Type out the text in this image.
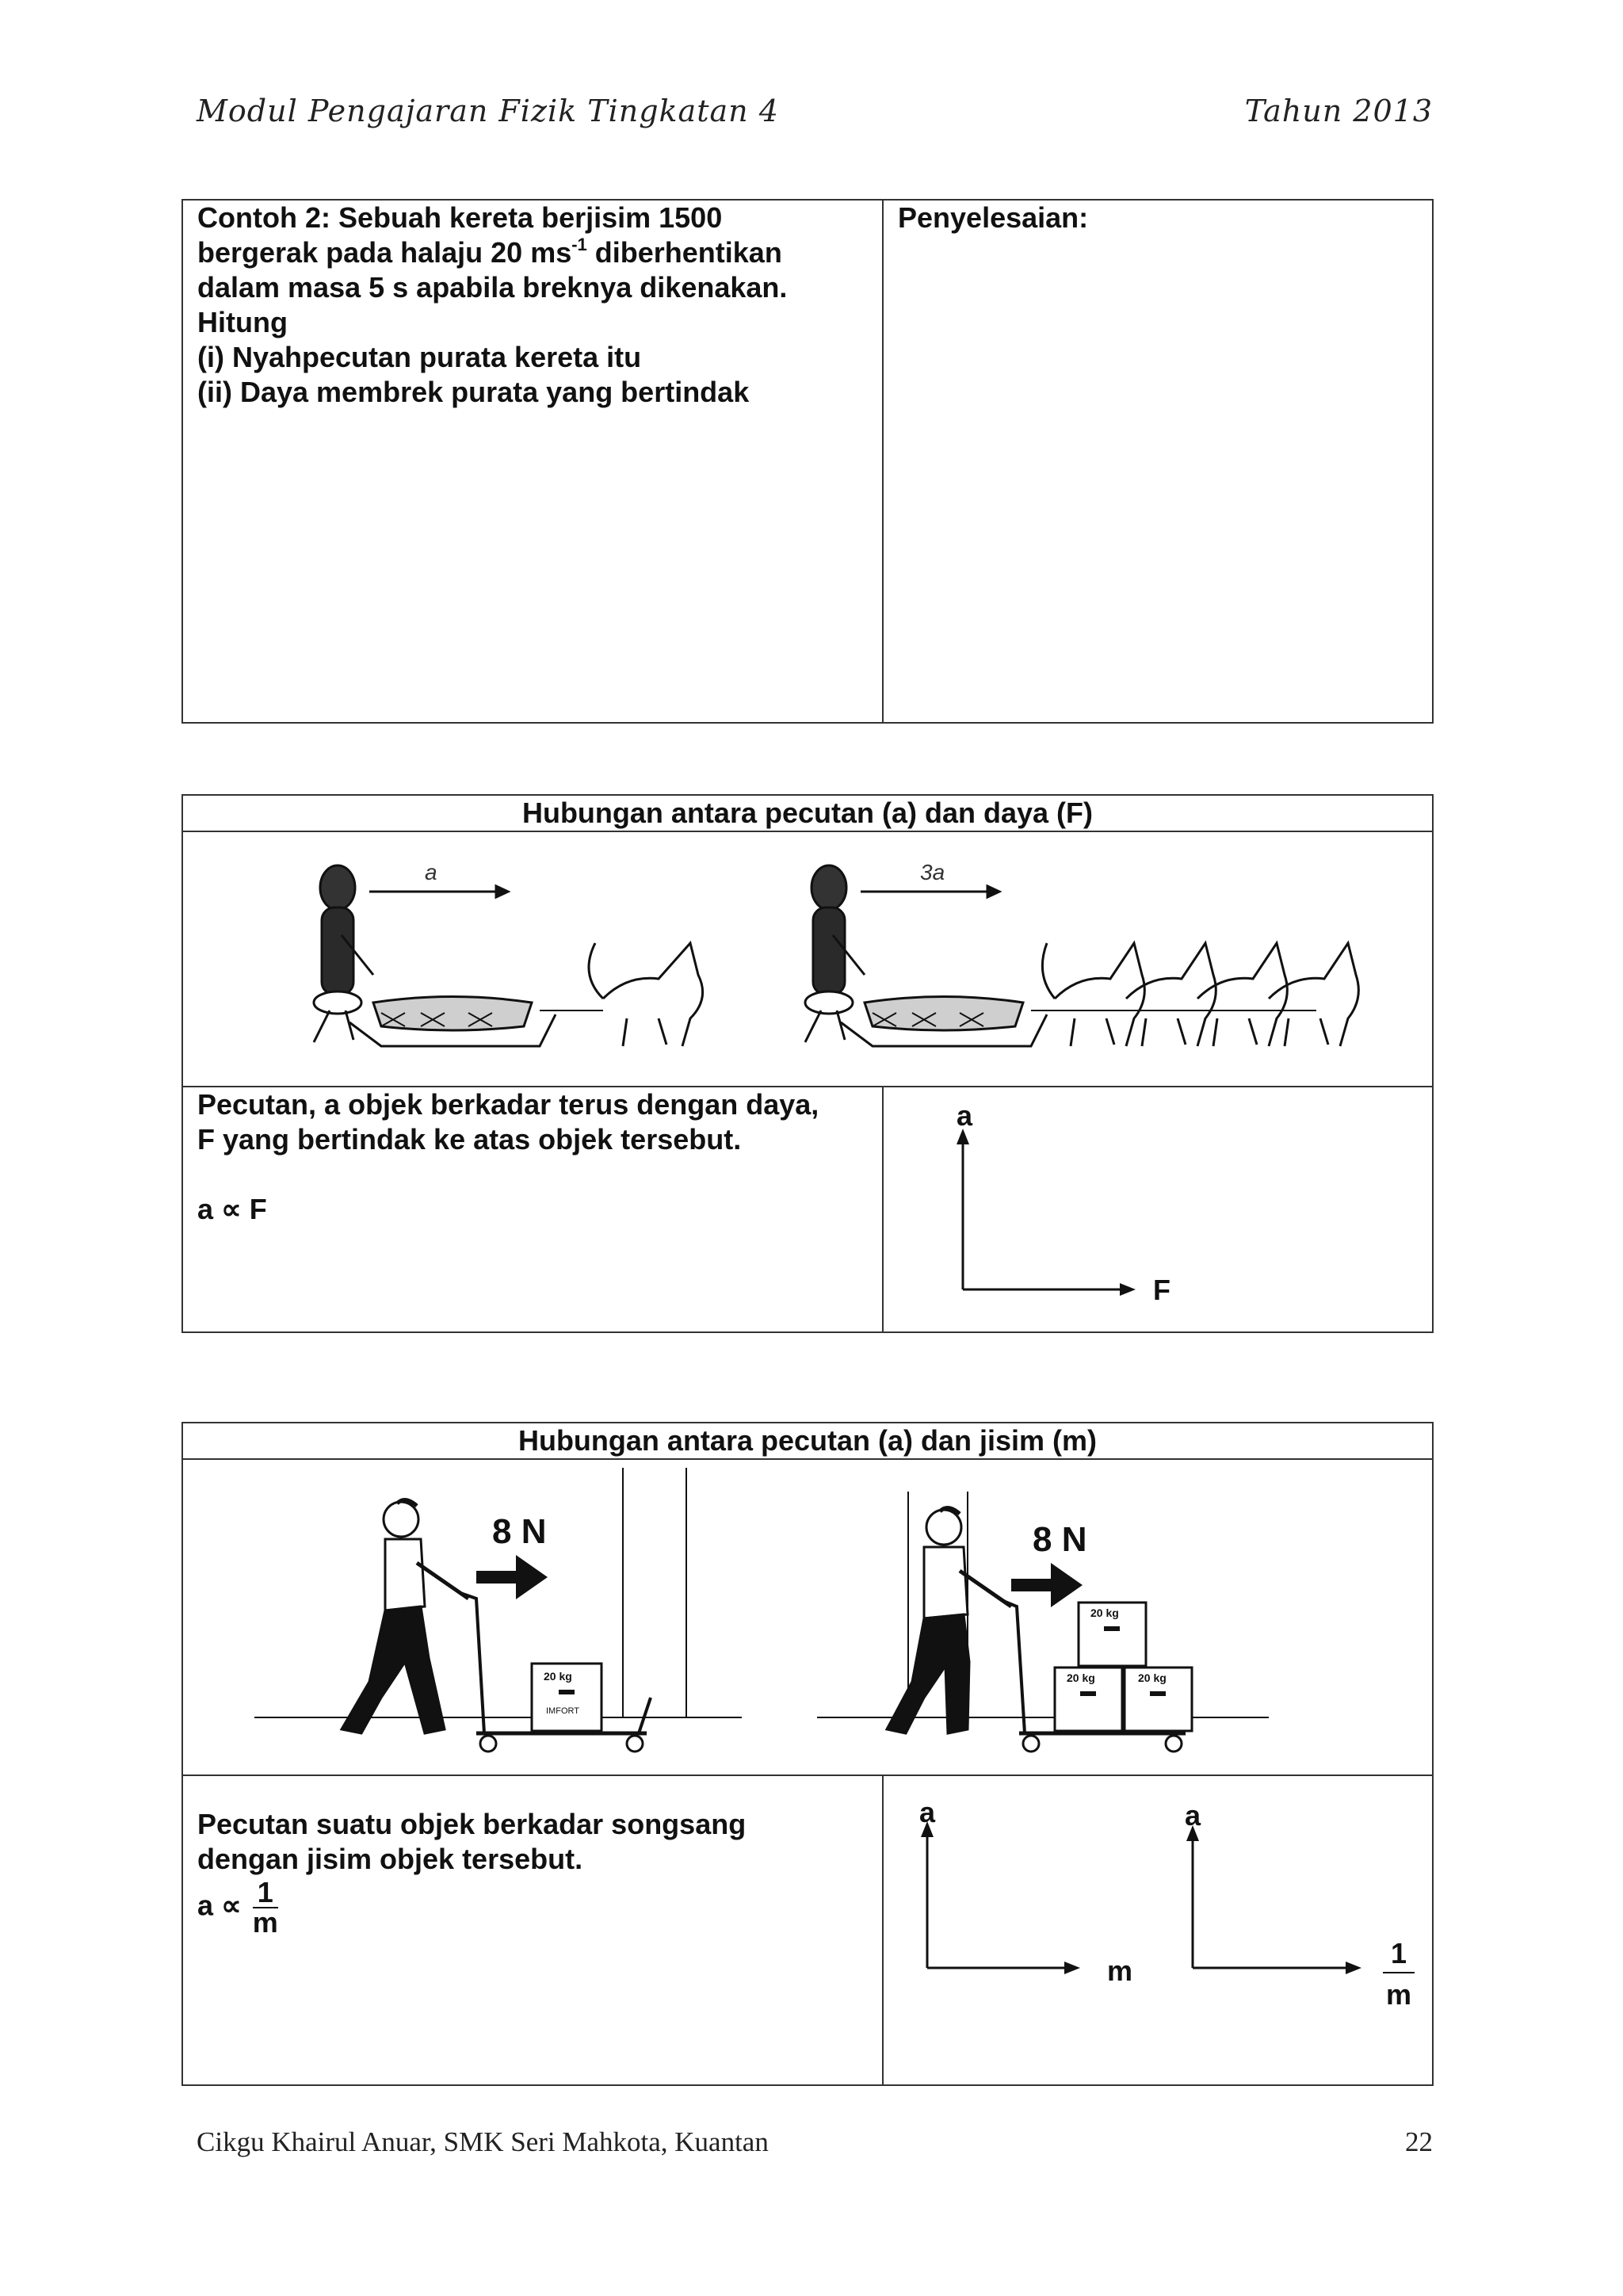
Modul Pengajaran Fizik Tingkatan 4	Tahun 2013
Contoh 2: Sebuah kereta berjisim 1500
bergerak pada halaju 20 $ms^{-1}$ diberhentikan
dalam masa 5 s apabila breknya dikenakan.
Hitung
(i) Nyahpecutan purata kereta itu
(ii) Daya membrek purata yang bertindak
Penyelesaian:
Hubungan antara pecutan (a) dan daya (F)
a	3a
Pecutan, a objek berkadar terus dengan daya,
F yang bertindak ke atas objek tersebut.
a ∝ F
a
F
Hubungan antara pecutan (a) dan jisim (m)
20 kg
IMFORT
8 N
20 kg	20 kg
20 kg
8 N
Pecutan suatu objek berkadar songsang
dengan jisim objek tersebut.
$a \propto \frac{1}{m}$
a
m
a
1
m
Cikgu Khairul Anuar, SMK Seri Mahkota, Kuantan	22
